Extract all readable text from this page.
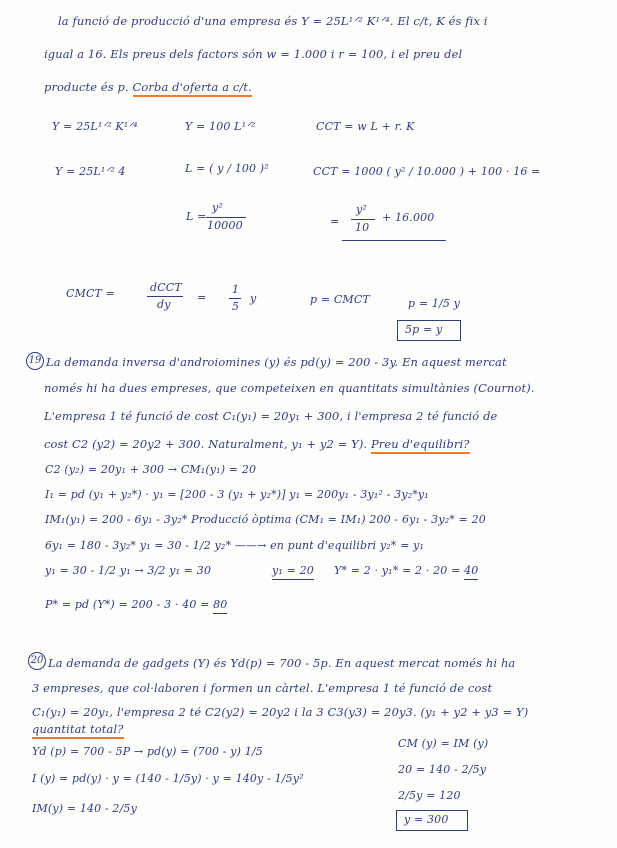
la funció de producció d'una empresa és Y = 25L¹ᐟ² K¹ᐟ⁴. El c/t, K és fix i
igual a 16. Els preus dels factors són w = 1.000 i r = 100, i el preu del
producte és p. Corba d'oferta a c/t.
Y = 25L¹ᐟ² K¹ᐟ⁴	Y = 100 L¹ᐟ²	CCT = w L + r. K
Y = 25L¹ᐟ² 4	L = ( y / 100 )²	CCT = 1000 ( y² / 10.000 ) + 100 · 16 =
L =
y²
10000	=
y²
10
+ 16.000
CMCT =	dCCT
dy
=
1
5
y	p = CMCT	p = 1/5 y
5p = y
19 La demanda inversa d'androiomines (y) és pd(y) = 200 - 3y. En aquest mercat
només hi ha dues empreses, que competeixen en quantitats simultànies (Cournot).
L'empresa 1 té funció de cost C₁(y₁) = 20y₁ + 300, i l'empresa 2 té funció de
cost C2 (y2) = 20y2 + 300. Naturalment, y₁ + y2 = Y). Preu d'equilibri?
C2 (y₂) = 20y₁ + 300 → CM₁(y₁) = 20
I₁ = pd (y₁ + y₂*) · y₁ = [200 - 3 (y₁ + y₂*)] y₁ = 200y₁ - 3y₁² - 3y₂*y₁
IM₁(y₁) = 200 - 6y₁ - 3y₂* Producció òptima (CM₁ = IM₁) 200 - 6y₁ - 3y₂* = 20
6y₁ = 180 - 3y₂* y₁ = 30 - 1/2 y₂* ——→ en punt d'equilibri y₂* = y₁
y₁ = 30 - 1/2 y₁ → 3/2 y₁ = 30	y₁ = 20 Y* = 2 · y₁* = 2 · 20 = 40
P* = pd (Y*) = 200 - 3 · 40 = 80
20 La demanda de gadgets (Y) és Yd(p) = 700 - 5p. En aquest mercat només hi ha
3 empreses, que col·laboren i formen un càrtel. L'empresa 1 té funció de cost
C₁(y₁) = 20y₁, l'empresa 2 té C2(y2) = 20y2 i la 3 C3(y3) = 20y3. (y₁ + y2 + y3 = Y)
quantitat total?
Yd (p) = 700 - 5P → pd(y) = (700 - y) 1/5
I (y) = pd(y) · y = (140 - 1/5y) · y = 140y - 1/5y²
IM(y) = 140 - 2/5y
CM (y) = IM (y)
20 = 140 - 2/5y
2/5y = 120
y = 300
